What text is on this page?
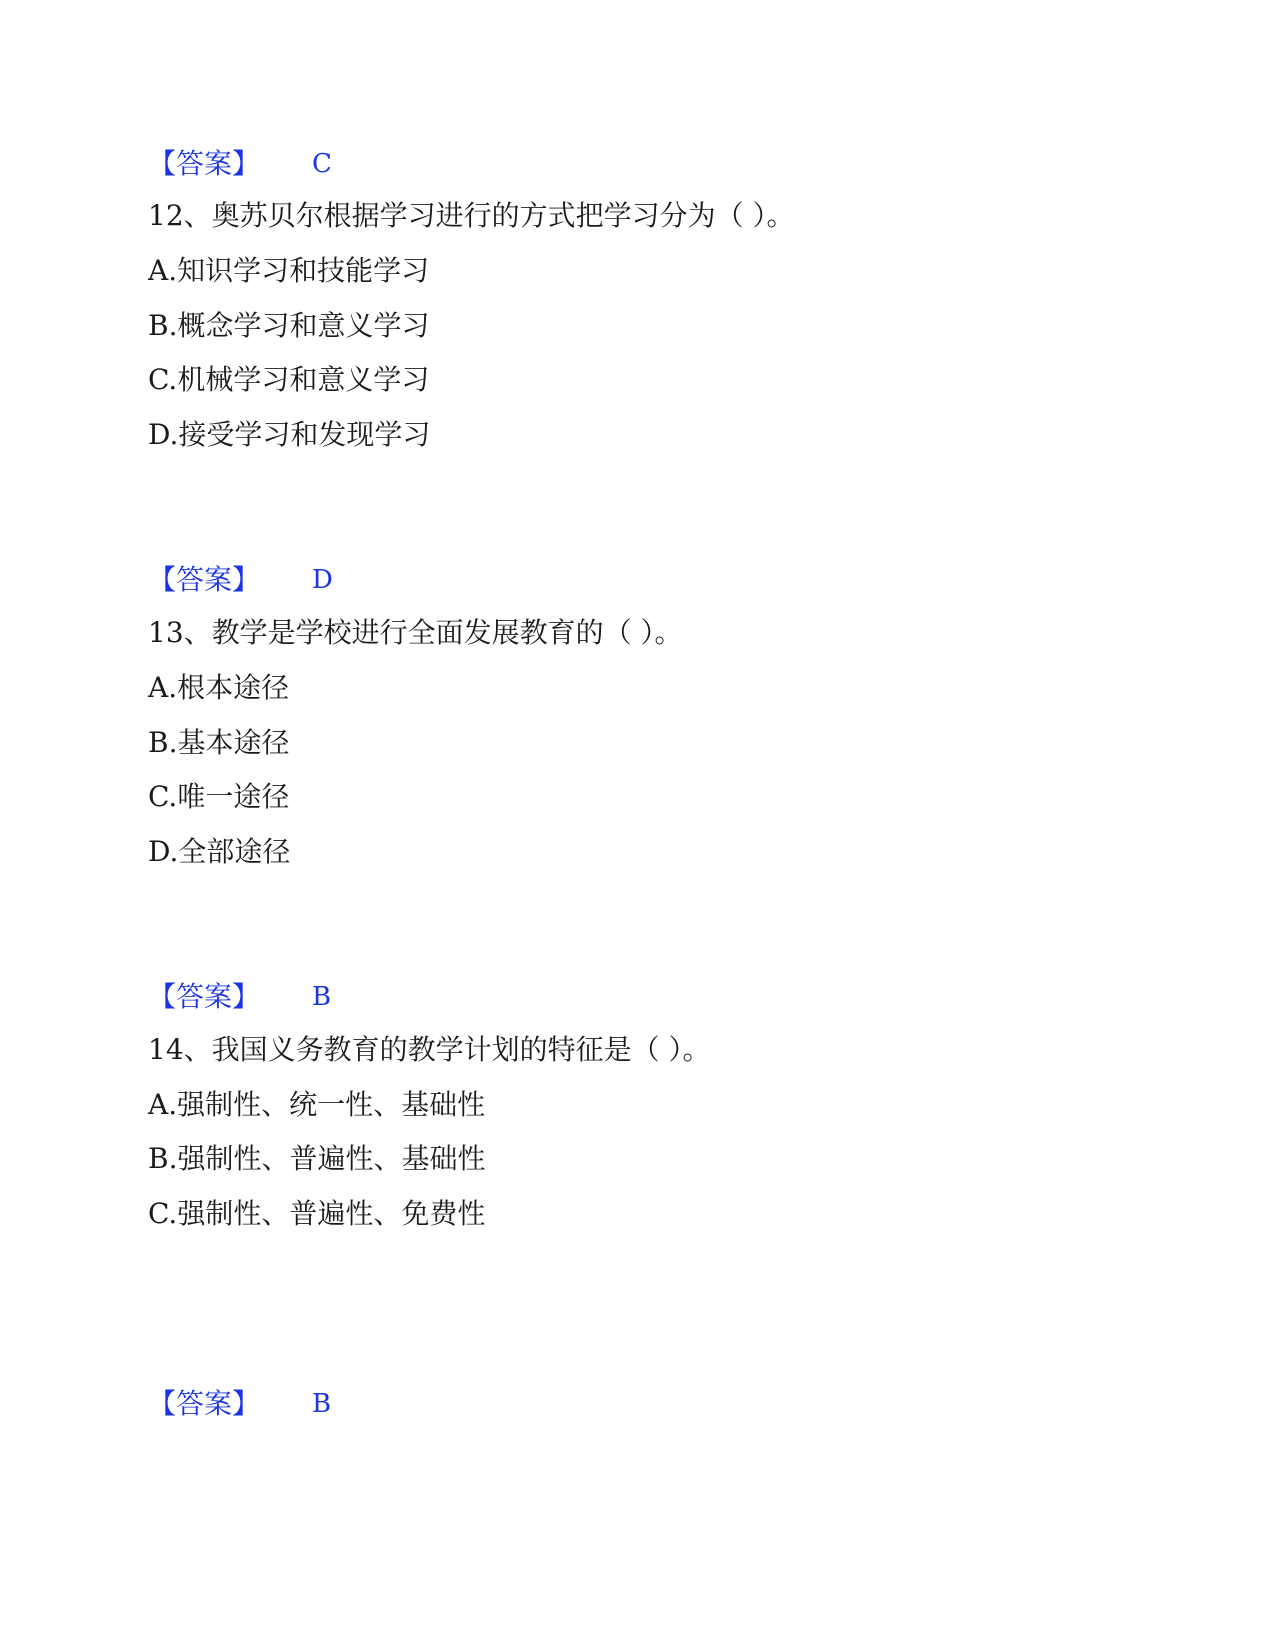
【答案】 C
12、奥苏贝尔根据学习进行的方式把学习分为（ ）。
A.知识学习和技能学习
B.概念学习和意义学习
C.机械学习和意义学习
D.接受学习和发现学习
【答案】 D
13、教学是学校进行全面发展教育的（ ）。
A.根本途径
B.基本途径
C.唯一途径
D.全部途径
【答案】 B
14、我国义务教育的教学计划的特征是（ ）。
A.强制性、统一性、基础性
B.强制性、普遍性、基础性
C.强制性、普遍性、免费性
【答案】 B
